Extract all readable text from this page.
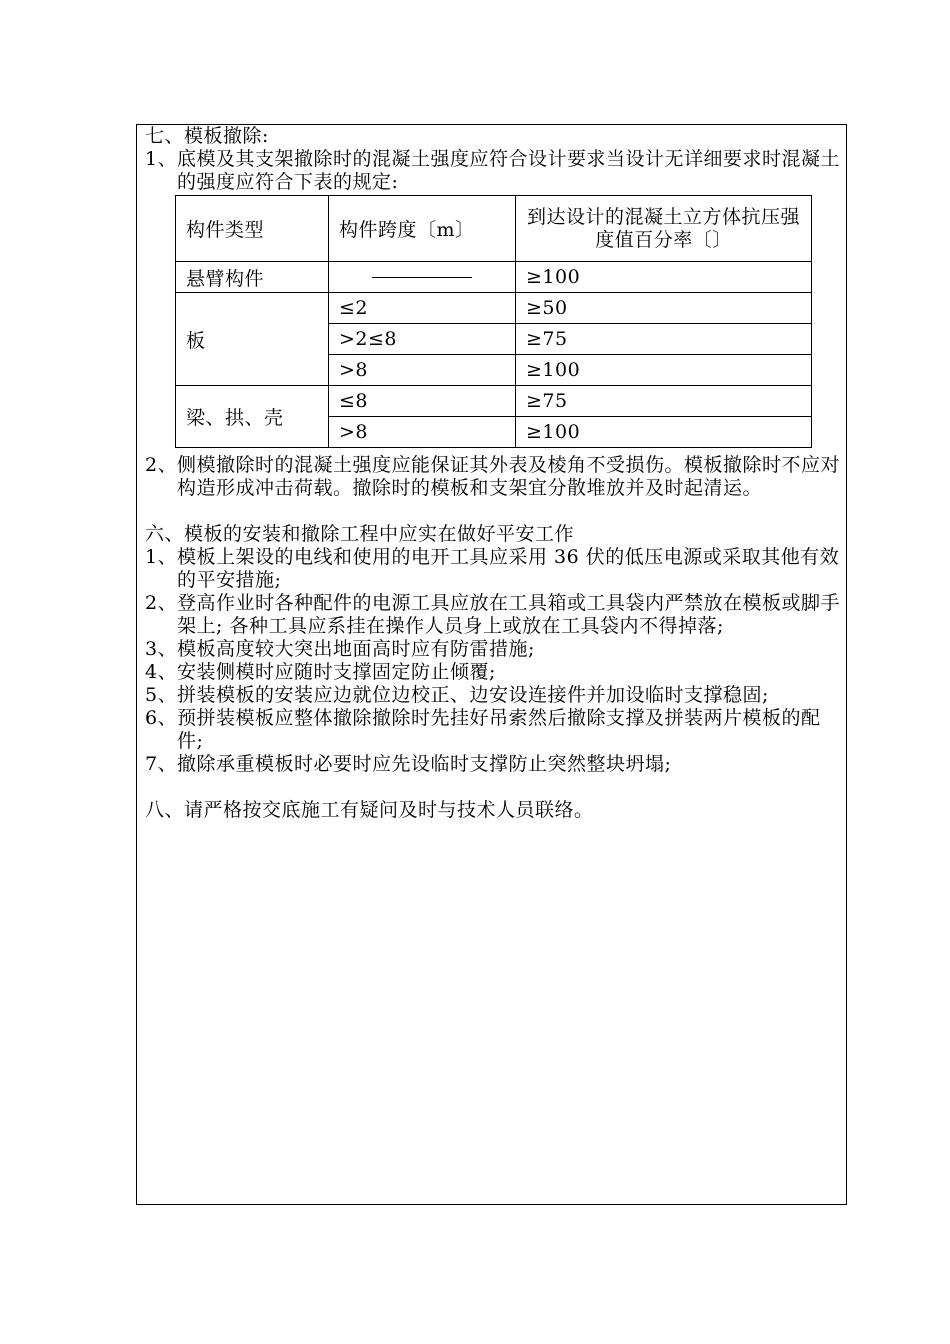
七、模板撤除:
1、 底模及其支架撤除时的混凝土强度应符合设计要求当设计无详细要求时混凝土的强度应符合下表的规定:
2、 侧模撤除时的混凝土强度应能保证其外表及棱角不受损伤。模板撤除时不应对构造形成冲击荷载。撤除时的模板和支架宜分散堆放并及时起清运。
六、模板的安装和撤除工程中应实在做好平安工作
1、 模板上架设的电线和使用的电开工具应采用 36 伏的低压电源或采取其他有效的平安措施;
2、 登高作业时各种配件的电源工具应放在工具箱或工具袋内严禁放在模板或脚手架上; 各种工具应系挂在操作人员身上或放在工具袋内不得掉落;
3、 模板高度较大突出地面高时应有防雷措施;
4、 安装侧模时应随时支撑固定防止倾覆;
5、 拼装模板的安装应边就位边校正、边安设连接件并加设临时支撑稳固;
6、 预拼装模板应整体撤除撤除时先挂好吊索然后撤除支撑及拼装两片模板的配件;
7、 撤除承重模板时必要时应先设临时支撑防止突然整块坍塌;
八、请严格按交底施工有疑问及时与技术人员联络。
构件类型	构件跨度〔m〕	到达设计的混凝土立方体抗压强度值百分率〔〕
悬臂构件		≥100
板	≤2	≥50
	>2≤8	≥75
	>8	≥100
梁、拱、壳	≤8	≥75
	>8	≥100
